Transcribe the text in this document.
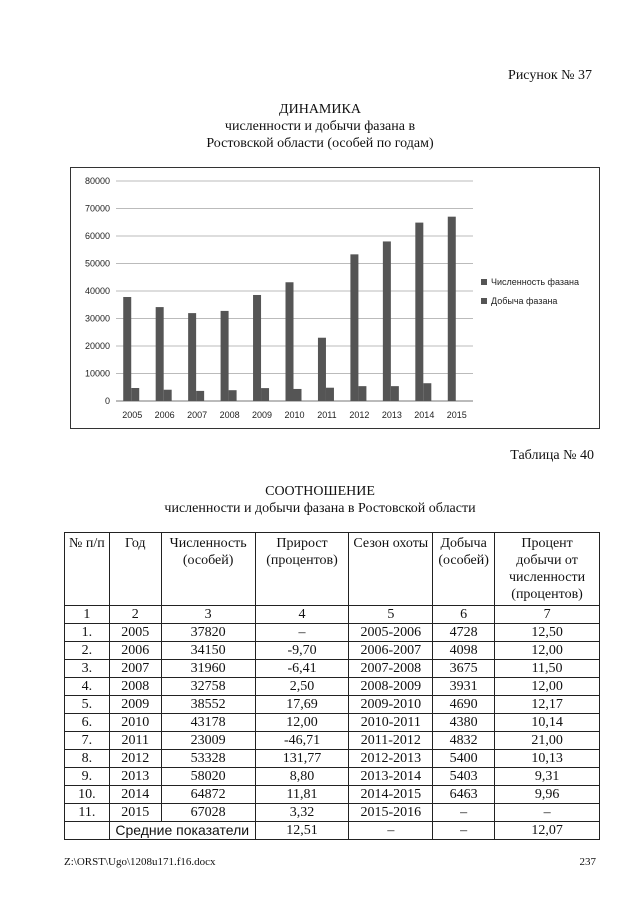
Рисунок № 37
ДИНАМИКА
численности и добычи фазана в
Ростовской области (особей по годам)
0
10000
20000
30000
40000
50000
60000
70000
80000
2005 2006 2007 2008 2009 2010 2011 2012 2013 2014 2015
Численность фазана
Добыча фазана
Таблица № 40
СООТНОШЕНИЕ
численности и добычи фазана в Ростовской области
№ п/п	Год	Численность (особей)	Прирост (процентов)	Сезон охоты	Добыча (особей)	Процент добычи от численности (процентов)
1	2	3	4	5	6	7
1.	2005	37820	–	2005-2006	4728	12,50
2.	2006	34150	-9,70	2006-2007	4098	12,00
3.	2007	31960	-6,41	2007-2008	3675	11,50
4.	2008	32758	2,50	2008-2009	3931	12,00
5.	2009	38552	17,69	2009-2010	4690	12,17
6.	2010	43178	12,00	2010-2011	4380	10,14
7.	2011	23009	-46,71	2011-2012	4832	21,00
8.	2012	53328	131,77	2012-2013	5400	10,13
9.	2013	58020	8,80	2013-2014	5403	9,31
10.	2014	64872	11,81	2014-2015	6463	9,96
11.	2015	67028	3,32	2015-2016	–	–
	Средние показатели		12,51	–	–	12,07
Z:\ORST\Ugo\1208u171.f16.docx	237
